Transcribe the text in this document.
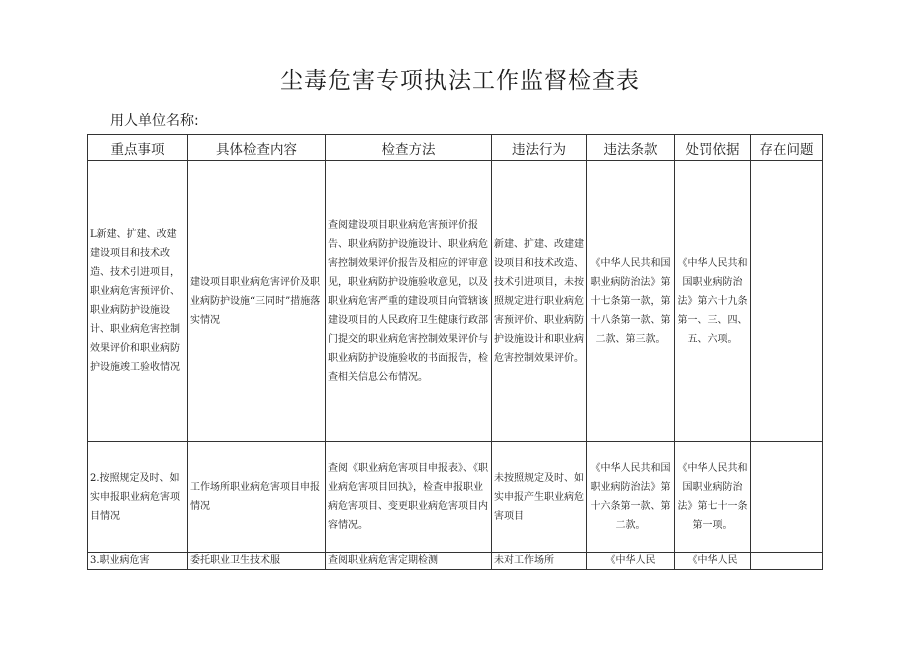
尘毒危害专项执法工作监督检查表
用人单位名称:
重点事项	具体检查内容	检查方法	违法行为	违法条款	处罚依据	存在问题
L新建、扩建、改建建设项目和技术改造、技术引进项目，职业病危害预评价、职业病防护设施设计、职业病危害控制效果评价和职业病防护设施竣工验收情况	建设项目职业病危害评价及职业病防护设施“三同时”措施落实情况	查阅建设项目职业病危害预评价报告、职业病防护设施设计、职业病危害控制效果评价报告及相应的评审意见，职业病防护设施验收意见，以及职业病危害严重的建设项目向管辖该建设项目的人民政府卫生健康行政部门提交的职业病危害控制效果评价与职业病防护设施验收的书面报告，检查相关信息公布情况。	新建、扩建、改建建设项目和技术改造、技术引进项目，未按照规定进行职业病危害预评价、职业病防护设施设计和职业病危害控制效果评价。	《中华人民共和国职业病防治法》第十七条第一款，第十八条第一款、第二款、第三款。	《中华人民共和国职业病防治法》第六十九条第一、三、四、五、六项。	
2.按照规定及时、如实申报职业病危害项目情况	工作场所职业病危害项目申报情况	查阅《职业病危害项目申报表》、《职业病危害项目回执》，检查申报职业病危害项目、变更职业病危害项目内容情况。	未按照规定及时、如实申报产生职业病危害项目	《中华人民共和国职业病防治法》第十六条第一款、第二款。	《中华人民共和国职业病防治法》第七十一条第一项。	
3.职业病危害	委托职业卫生技术服	查阅职业病危害定期检测	未对工作场所	《中华人民	《中华人民	
